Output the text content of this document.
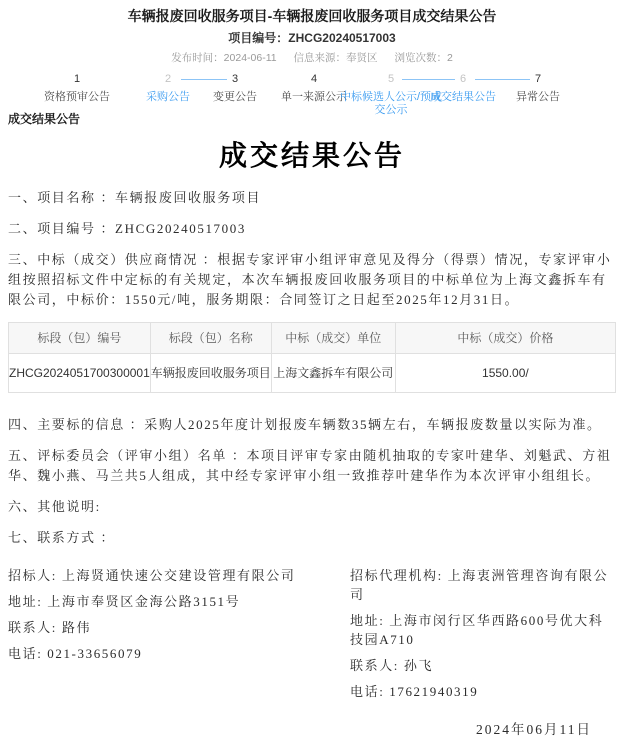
车辆报废回收服务项目-车辆报废回收服务项目成交结果公告
项目编号：ZHCG20240517003
发布时间：2024-06-11 信息来源：奉贤区 浏览次数：2
1
资格预审公告
2
采购公告
3
变更公告
4
单一来源公示
5
中标候选人公示/预成交公示
6
成交结果公告
7
异常公告
成交结果公告
成交结果公告

一、项目名称 ：车辆报废回收服务项目

二、项目编号 ：ZHCG20240517003

三、中标（成交）供应商情况 ：根据专家评审小组评审意见及得分（得票）情况，专家评审小组按照招标文件中定标的有关规定，本次车辆报废回收服务项目的中标单位为上海文鑫拆车有限公司，中标价：1550元/吨，服务期限：合同签订之日起至2025年12月31日。

标段（包）编号	标段（包）名称	中标（成交）单位	中标（成交）价格
ZHCG2024051700300001	车辆报废回收服务项目	上海文鑫拆车有限公司	1550.00/

四、主要标的信息 ：采购人2025年度计划报废车辆数35辆左右，车辆报废数量以实际为准。

五、评标委员会（评审小组）名单 ：本项目评审专家由随机抽取的专家叶建华、刘魁武、方祖华、魏小燕、马兰共5人组成，其中经专家评审小组一致推荐叶建华作为本次评审小组组长。

六、其他说明:

七、联系方式 ：

招标人: 上海贤通快速公交建设管理有限公司

地址: 上海市奉贤区金海公路3151号

联系人: 路伟

电话: 021-33656079

招标代理机构: 上海衷洲管理咨询有限公司

地址: 上海市闵行区华西路600号优大科技园A710

联系人: 孙飞

电话: 17621940319

2024年06月11日
